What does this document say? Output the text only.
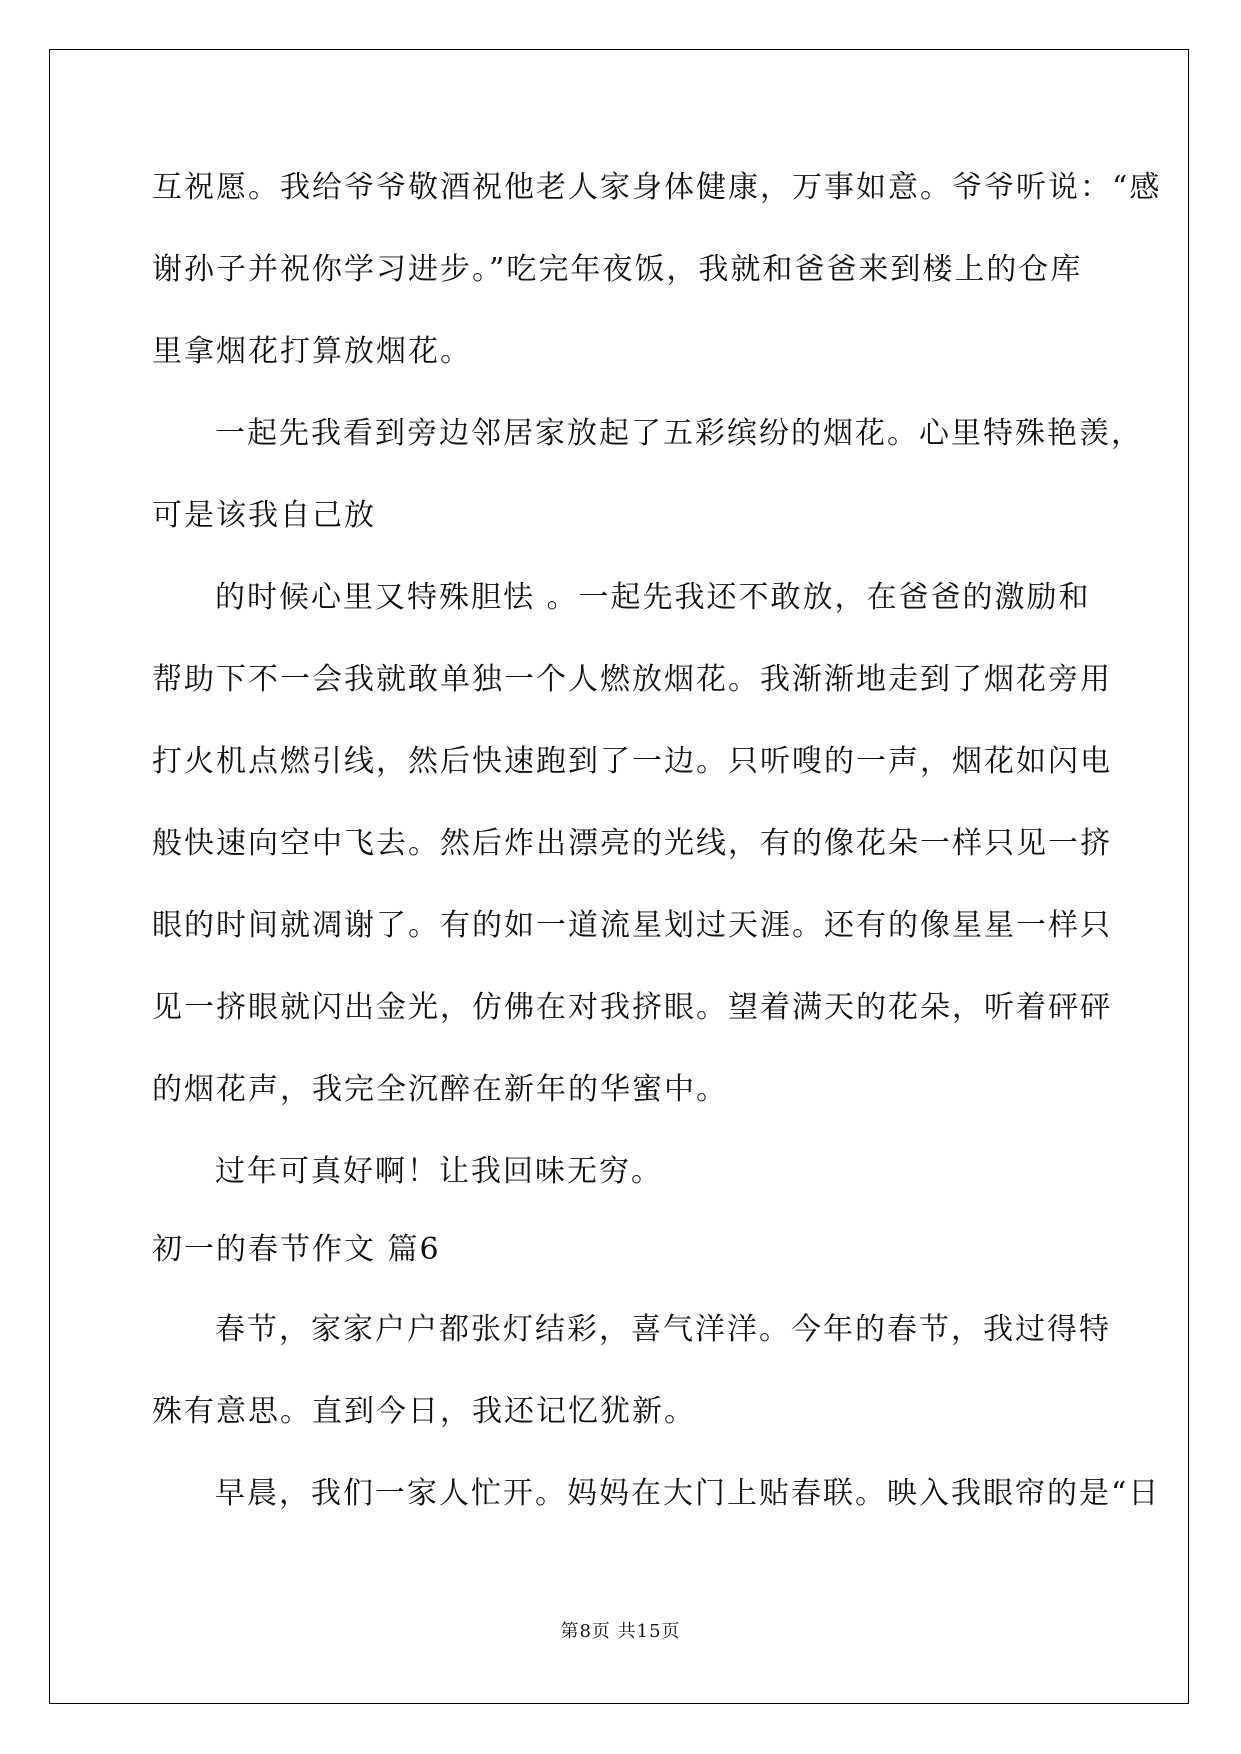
互祝愿。我给爷爷敬酒祝他老人家身体健康，万事如意。爷爷听说：“感
谢孙子并祝你学习进步。”吃完年夜饭，我就和爸爸来到楼上的仓库
里拿烟花打算放烟花。
一起先我看到旁边邻居家放起了五彩缤纷的烟花。心里特殊艳羡，
可是该我自己放
的时候心里又特殊胆怯 。一起先我还不敢放，在爸爸的激励和
帮助下不一会我就敢单独一个人燃放烟花。我渐渐地走到了烟花旁用
打火机点燃引线，然后快速跑到了一边。只听嗖的一声，烟花如闪电
般快速向空中飞去。然后炸出漂亮的光线，有的像花朵一样只见一挤
眼的时间就凋谢了。有的如一道流星划过天涯。还有的像星星一样只
见一挤眼就闪出金光，仿佛在对我挤眼。望着满天的花朵，听着砰砰
的烟花声，我完全沉醉在新年的华蜜中。
过年可真好啊！让我回味无穷。
初一的春节作文 篇6
春节，家家户户都张灯结彩，喜气洋洋。今年的春节，我过得特
殊有意思。直到今日，我还记忆犹新。
早晨，我们一家人忙开。妈妈在大门上贴春联。映入我眼帘的是“日
第8页 共15页
